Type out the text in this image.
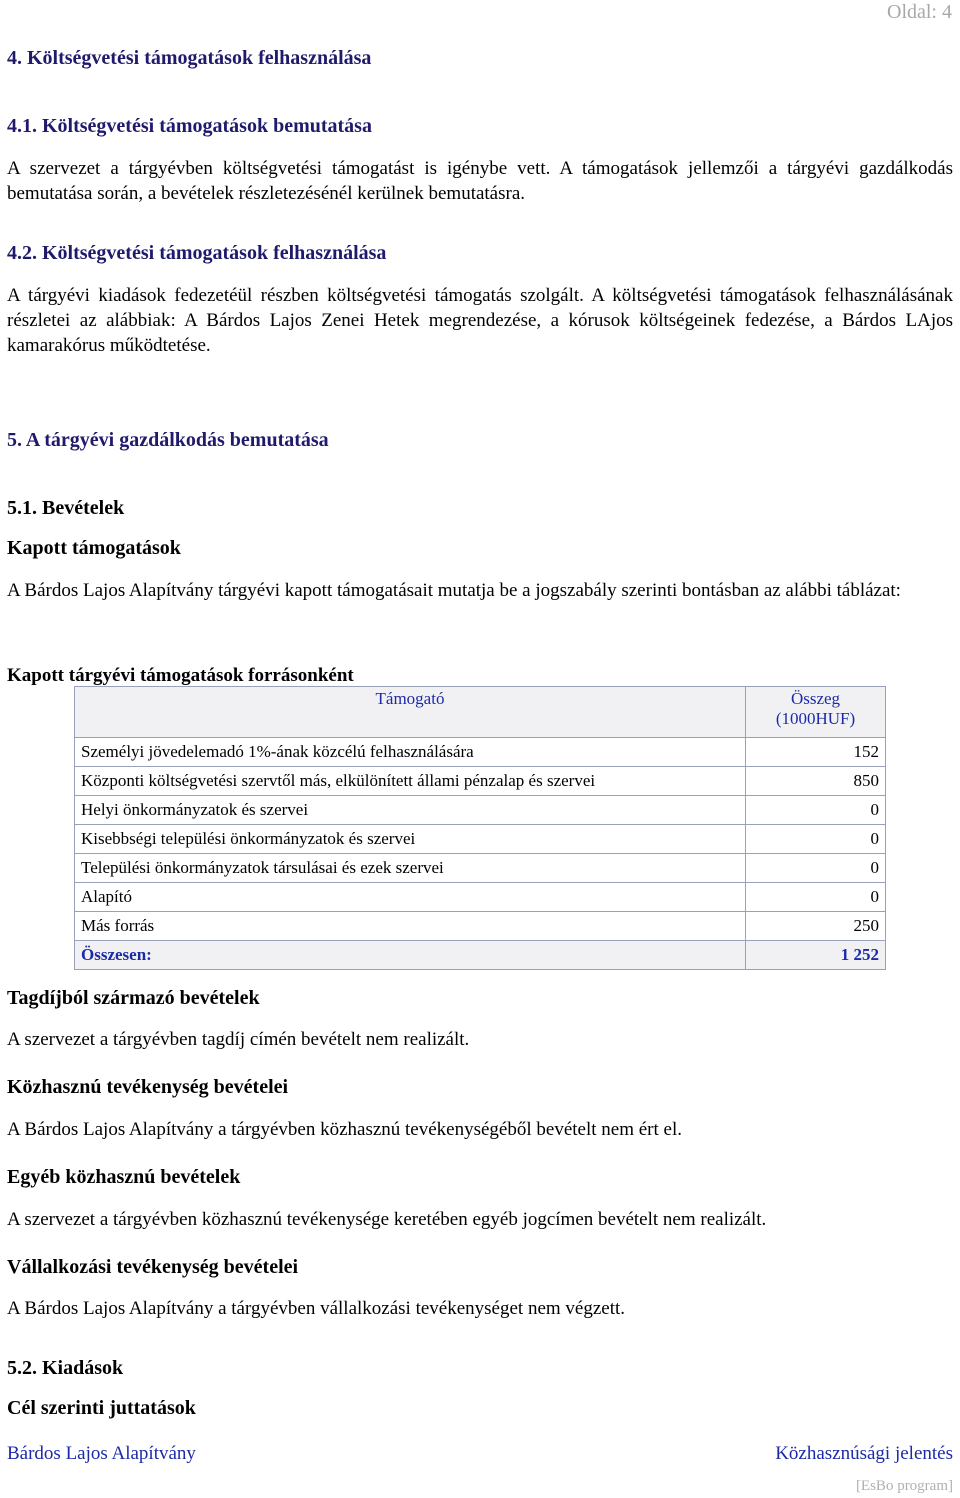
Oldal: 4
4. Költségvetési támogatások felhasználása
4.1. Költségvetési támogatások bemutatása

A szervezet a tárgyévben költségvetési támogatást is igénybe vett. A támogatások jellemzői a tárgyévi gazdálkodás bemutatása során, a bevételek részletezésénél kerülnek bemutatásra.

4.2. Költségvetési támogatások felhasználása

A tárgyévi kiadások fedezetéül részben költségvetési támogatás szolgált. A költségvetési támogatások felhasználásának részletei az alábbiak: A Bárdos Lajos Zenei Hetek megrendezése, a kórusok költségeinek fedezése, a Bárdos LAjos kamarakórus működtetése.

5. A tárgyévi gazdálkodás bemutatása
5.1. Bevételek
Kapott támogatások

A Bárdos Lajos Alapítvány tárgyévi kapott támogatásait mutatja be a jogszabály szerinti bontásban az alábbi táblázat:

Kapott tárgyévi támogatások forrásonként
Támogató	Összeg
(1000HUF)
Személyi jövedelemadó 1%-ának közcélú felhasználására	152
Központi költségvetési szervtől más, elkülönített állami pénzalap és szervei	850
Helyi önkormányzatok és szervei	0
Kisebbségi települési önkormányzatok és szervei	0
Települési önkormányzatok társulásai és ezek szervei	0
Alapító	0
Más forrás	250
Összesen:	1 252
Tagdíjból származó bevételek

A szervezet a tárgyévben tagdíj címén bevételt nem realizált.

Közhasznú tevékenység bevételei

A Bárdos Lajos Alapítvány a tárgyévben közhasznú tevékenységéből bevételt nem ért el.

Egyéb közhasznú bevételek

A szervezet a tárgyévben közhasznú tevékenysége keretében egyéb jogcímen bevételt nem realizált.

Vállalkozási tevékenység bevételei

A Bárdos Lajos Alapítvány a tárgyévben vállalkozási tevékenységet nem végzett.

5.2. Kiadások
Cél szerinti juttatások
Bárdos Lajos Alapítvány	Közhasznúsági jelentés
[EsBo program]
